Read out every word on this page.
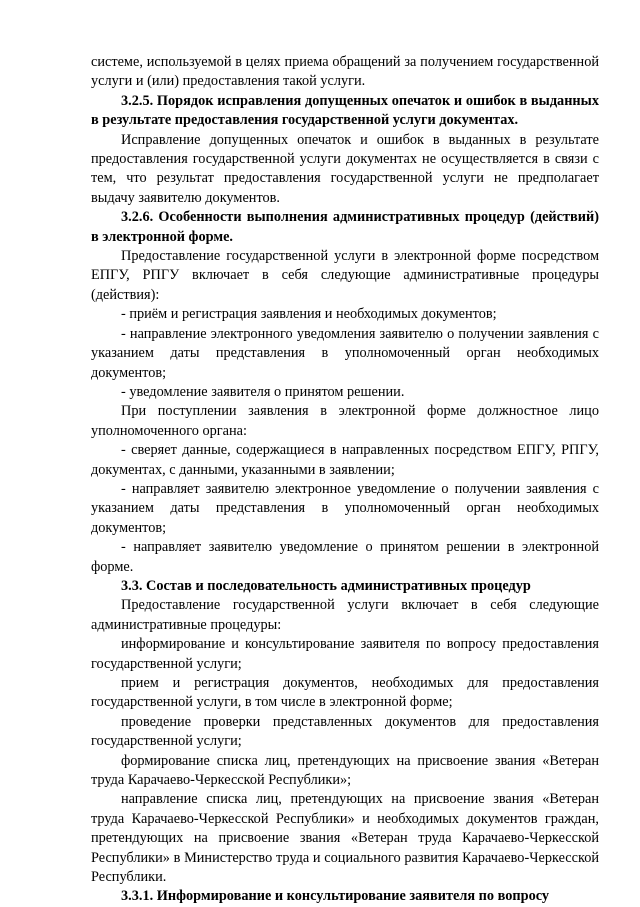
системе, используемой в целях приема обращений за получением государственной услуги и (или) предоставления такой услуги.

3.2.5. Порядок исправления допущенных опечаток и ошибок в выданных в результате предоставления государственной услуги документах.

Исправление допущенных опечаток и ошибок в выданных в результате предоставления государственной услуги документах не осуществляется в связи с тем, что результат предоставления государственной услуги не предполагает выдачу заявителю документов.

3.2.6. Особенности выполнения административных процедур (действий) в электронной форме.

Предоставление государственной услуги в электронной форме посредством ЕПГУ, РПГУ включает в себя следующие административные процедуры (действия):

- приём и регистрация заявления и необходимых документов;

- направление электронного уведомления заявителю о получении заявления с указанием даты представления в уполномоченный орган необходимых документов;

- уведомление заявителя о принятом решении.

При поступлении заявления в электронной форме должностное лицо уполномоченного органа:

- сверяет данные, содержащиеся в направленных посредством ЕПГУ, РПГУ, документах, с данными, указанными в заявлении;

- направляет заявителю электронное уведомление о получении заявления с указанием даты представления в уполномоченный орган необходимых документов;

- направляет заявителю уведомление о принятом решении в электронной форме.

3.3. Состав и последовательность административных процедур

Предоставление государственной услуги включает в себя следующие административные процедуры:

информирование и консультирование заявителя по вопросу предоставления государственной услуги;

прием и регистрация документов, необходимых для предоставления государственной услуги, в том числе в электронной форме;

проведение проверки представленных документов для предоставления государственной услуги;

формирование списка лиц, претендующих на присвоение звания «Ветеран труда Карачаево-Черкесской Республики»;

направление списка лиц, претендующих на присвоение звания «Ветеран труда Карачаево-Черкесской Республики» и необходимых документов граждан, претендующих на присвоение звания «Ветеран труда Карачаево-Черкесской Республики» в Министерство труда и социального развития Карачаево-Черкесской Республики.

3.3.1. Информирование и консультирование заявителя по вопросу
